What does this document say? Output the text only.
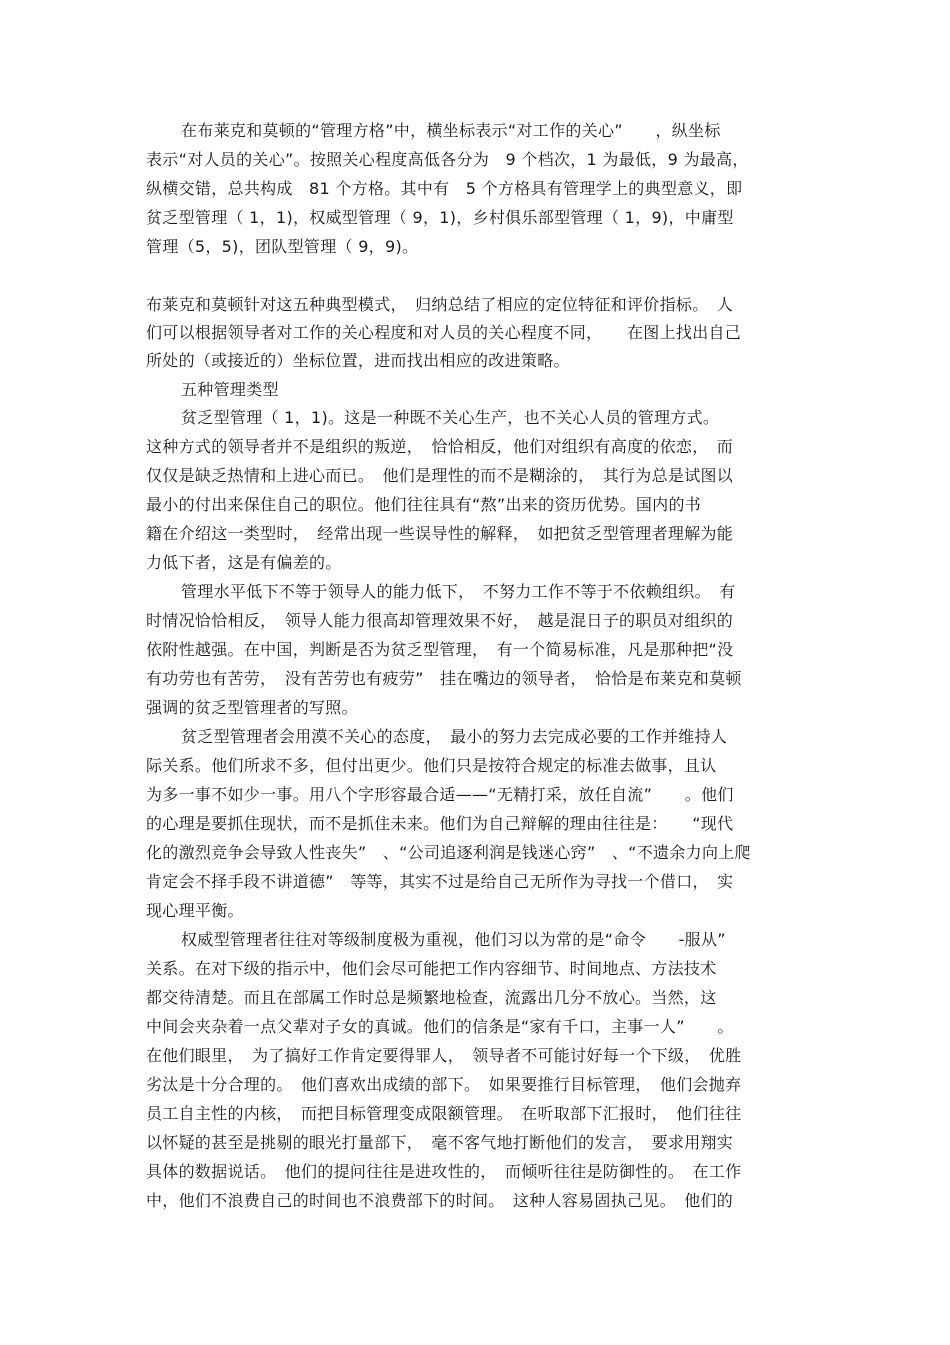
在布莱克和莫顿的“管理方格”中，横坐标表示“对工作的关心”　　，纵坐标
表示“对人员的关心”。按照关心程度高低各分为　9 个档次，1 为最低，9 为最高，
纵横交错，总共构成　81 个方格。其中有　5 个方格具有管理学上的典型意义，即
贫乏型管理（ 1，1)，权威型管理（ 9，1)，乡村俱乐部型管理（ 1，9)，中庸型
管理（5，5)，团队型管理（ 9，9)。
布莱克和莫顿针对这五种典型模式，　归纳总结了相应的定位特征和评价指标。　人
们可以根据领导者对工作的关心程度和对人员的关心程度不同，　　在图上找出自己
所处的（或接近的）坐标位置，进而找出相应的改进策略。
五种管理类型
贫乏型管理（ 1，1)。这是一种既不关心生产，也不关心人员的管理方式。
这种方式的领导者并不是组织的叛逆，　恰恰相反，他们对组织有高度的依恋，　而
仅仅是缺乏热情和上进心而已。　他们是理性的而不是糊涂的，　其行为总是试图以
最小的付出来保住自己的职位。他们往往具有“熬”出来的资历优势。国内的书
籍在介绍这一类型时，　经常出现一些误导性的解释，　如把贫乏型管理者理解为能
力低下者，这是有偏差的。
管理水平低下不等于领导人的能力低下，　不努力工作不等于不依赖组织。　有
时情况恰恰相反，　领导人能力很高却管理效果不好，　越是混日子的职员对组织的
依附性越强。在中国，判断是否为贫乏型管理，　有一个简易标准，凡是那种把“没
有功劳也有苦劳，　没有苦劳也有疲劳”　挂在嘴边的领导者，　恰恰是布莱克和莫顿
强调的贫乏型管理者的写照。
贫乏型管理者会用漠不关心的态度，　最小的努力去完成必要的工作并维持人
际关系。他们所求不多，但付出更少。他们只是按符合规定的标准去做事，且认
为多一事不如少一事。用八个字形容最合适——“无精打采，放任自流”　　。他们
的心理是要抓住现状，而不是抓住未来。他们为自己辩解的理由往往是：　　“现代
化的激烈竞争会导致人性丧失”　、“公司追逐利润是钱迷心窍”　、“不遗余力向上爬
肯定会不择手段不讲道德”　等等，其实不过是给自己无所作为寻找一个借口，　实
现心理平衡。
权威型管理者往往对等级制度极为重视，他们习以为常的是“命令　　-服从”
关系。在对下级的指示中，他们会尽可能把工作内容细节、时间地点、方法技术
都交待清楚。而且在部属工作时总是频繁地检查，流露出几分不放心。当然，这
中间会夹杂着一点父辈对子女的真诚。他们的信条是“家有千口，主事一人”　　。
在他们眼里，　为了搞好工作肯定要得罪人，　领导者不可能讨好每一个下级，　优胜
劣汰是十分合理的。　他们喜欢出成绩的部下。　如果要推行目标管理，　他们会抛弃
员工自主性的内核，　而把目标管理变成限额管理。　在听取部下汇报时，　他们往往
以怀疑的甚至是挑剔的眼光打量部下，　毫不客气地打断他们的发言，　要求用翔实
具体的数据说话。　他们的提问往往是进攻性的，　而倾听往往是防御性的。　在工作
中，他们不浪费自己的时间也不浪费部下的时间。　这种人容易固执己见。　他们的
